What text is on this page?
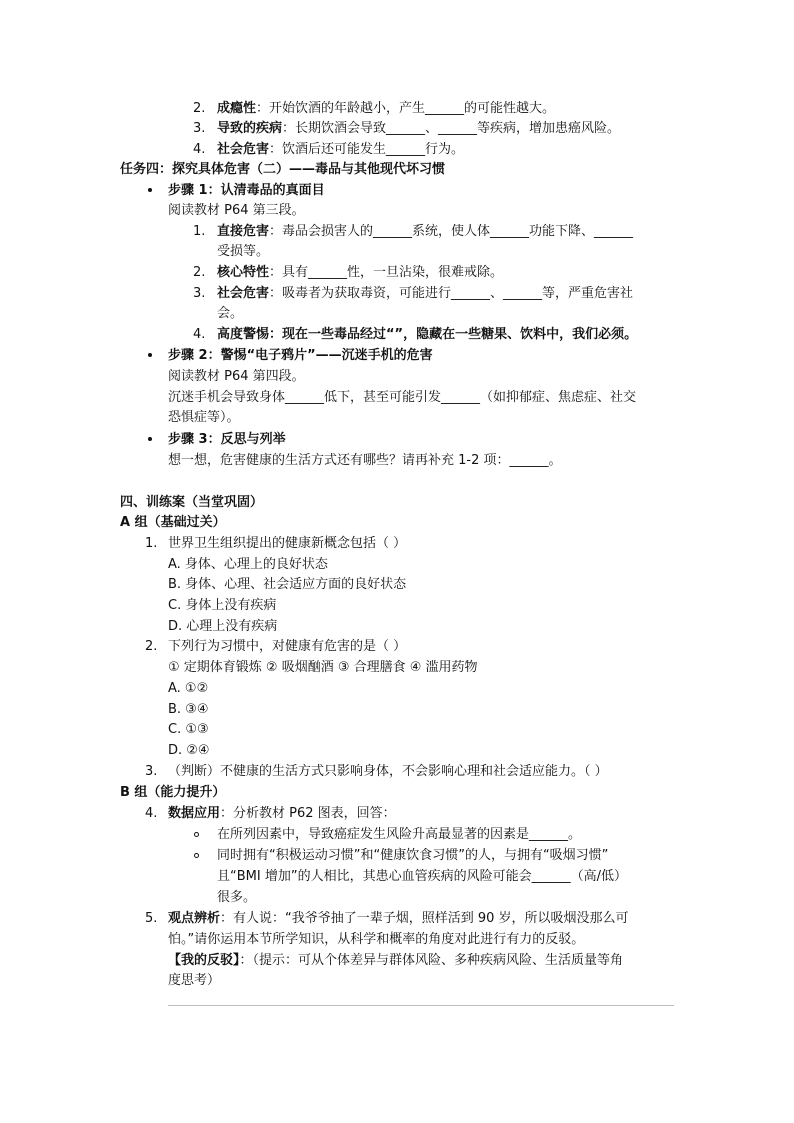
2. 成瘾性：开始饮酒的年龄越小，产生______的可能性越大。
3. 导致的疾病：长期饮酒会导致______、______等疾病，增加患癌风险。
4. 社会危害：饮酒后还可能发生______行为。
任务四：探究具体危害（二）——毒品与其他现代坏习惯
步骤 1：认清毒品的真面目
阅读教材 P64 第三段。
1. 直接危害：毒品会损害人的______系统，使人体______功能下降、______
受损等。
2. 核心特性：具有______性，一旦沾染，很难戒除。
3. 社会危害：吸毒者为获取毒资，可能进行______、______等，严重危害社
会。
4. 高度警惕：现在一些毒品经过“”，隐藏在一些糖果、饮料中，我们必须。
步骤 2：警惕“电子鸦片”——沉迷手机的危害
阅读教材 P64 第四段。
沉迷手机会导致身体______低下，甚至可能引发______（如抑郁症、焦虑症、社交
恐惧症等）。
步骤 3：反思与列举
想一想，危害健康的生活方式还有哪些？请再补充 1-2 项：______。
四、训练案（当堂巩固）
A 组（基础过关）
1. 世界卫生组织提出的健康新概念包括（ ）
A. 身体、心理上的良好状态
B. 身体、心理、社会适应方面的良好状态
C. 身体上没有疾病
D. 心理上没有疾病
2. 下列行为习惯中，对健康有危害的是（ ）
① 定期体育锻炼 ② 吸烟酗酒 ③ 合理膳食 ④ 滥用药物
A. ①②
B. ③④
C. ①③
D. ②④
3. （判断）不健康的生活方式只影响身体，不会影响心理和社会适应能力。（ ）
B 组（能力提升）
4. 数据应用：分析教材 P62 图表，回答：
在所列因素中，导致癌症发生风险升高最显著的因素是______。
同时拥有“积极运动习惯”和“健康饮食习惯”的人，与拥有“吸烟习惯”
且“BMI 增加”的人相比，其患心血管疾病的风险可能会______（高/低）
很多。
5. 观点辨析：有人说：“我爷爷抽了一辈子烟，照样活到 90 岁，所以吸烟没那么可
怕。”请你运用本节所学知识，从科学和概率的角度对此进行有力的反驳。
【我的反驳】：（提示：可从个体差异与群体风险、多种疾病风险、生活质量等角
度思考）
